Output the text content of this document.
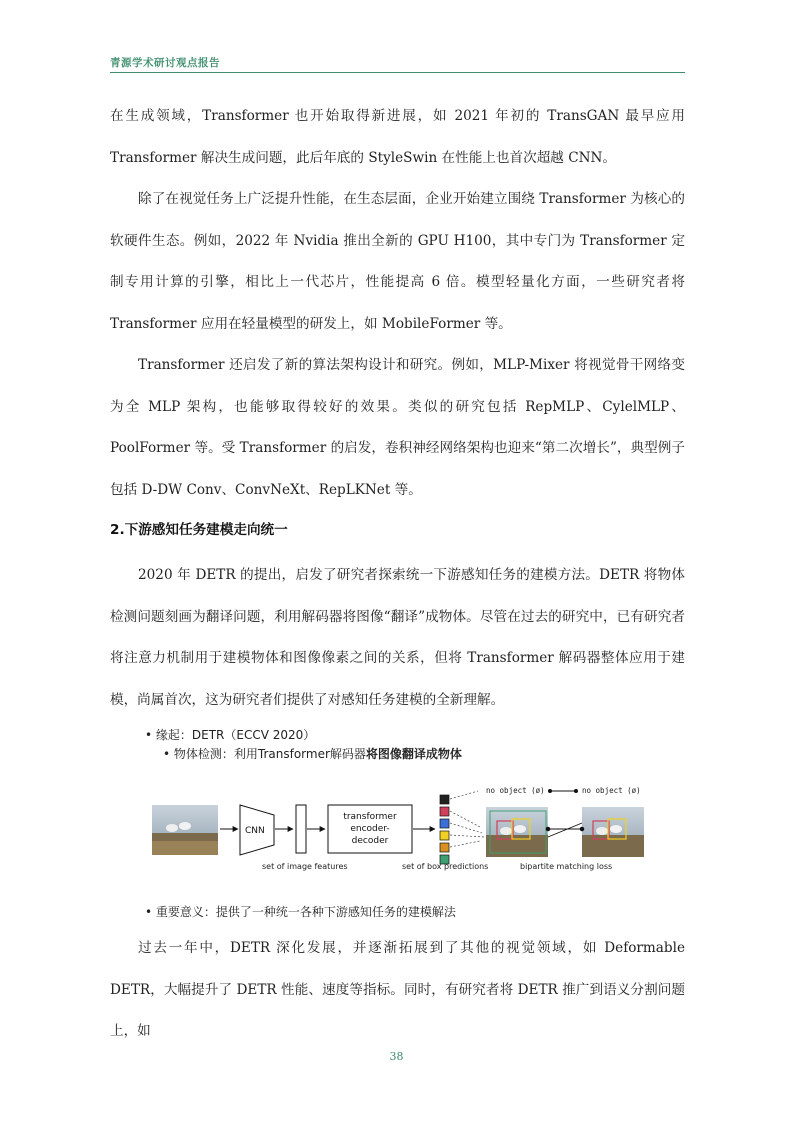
青源学术研讨观点报告

在生成领域，Transformer 也开始取得新进展，如 2021 年初的 TransGAN 最早应用 Transformer 解决生成问题，此后年底的 StyleSwin 在性能上也首次超越 CNN。

除了在视觉任务上广泛提升性能，在生态层面，企业开始建立围绕 Transformer 为核心的软硬件生态。例如，2022 年 Nvidia 推出全新的 GPU H100，其中专门为 Transformer 定制专用计算的引擎，相比上一代芯片，性能提高 6 倍。模型轻量化方面，一些研究者将 Transformer 应用在轻量模型的研发上，如 MobileFormer 等。

Transformer 还启发了新的算法架构设计和研究。例如，MLP-Mixer 将视觉骨干网络变为全 MLP 架构，也能够取得较好的效果。类似的研究包括 RepMLP、CylelMLP、PoolFormer 等。受 Transformer 的启发，卷积神经网络架构也迎来“第二次增长”，典型例子包括 D-DW Conv、ConvNeXt、RepLKNet 等。

2.下游感知任务建模走向统一

2020 年 DETR 的提出，启发了研究者探索统一下游感知任务的建模方法。DETR 将物体检测问题刻画为翻译问题，利用解码器将图像“翻译”成物体。尽管在过去的研究中，已有研究者将注意力机制用于建模物体和图像像素之间的关系，但将 Transformer 解码器整体应用于建模，尚属首次，这为研究者们提供了对感知任务建模的全新理解。

• 缘起：DETR（ECCV 2020）
• 物体检测：利用Transformer解码器将图像翻译成物体
CNN
transformer
encoder-
decoder
no object (ø)	no object (ø)
set of image features	set of box predictions	bipartite matching loss
• 重要意义：提供了一种统一各种下游感知任务的建模解法

过去一年中，DETR 深化发展，并逐渐拓展到了其他的视觉领域，如 Deformable DETR，大幅提升了 DETR 性能、速度等指标。同时，有研究者将 DETR 推广到语义分割问题上，如

38
